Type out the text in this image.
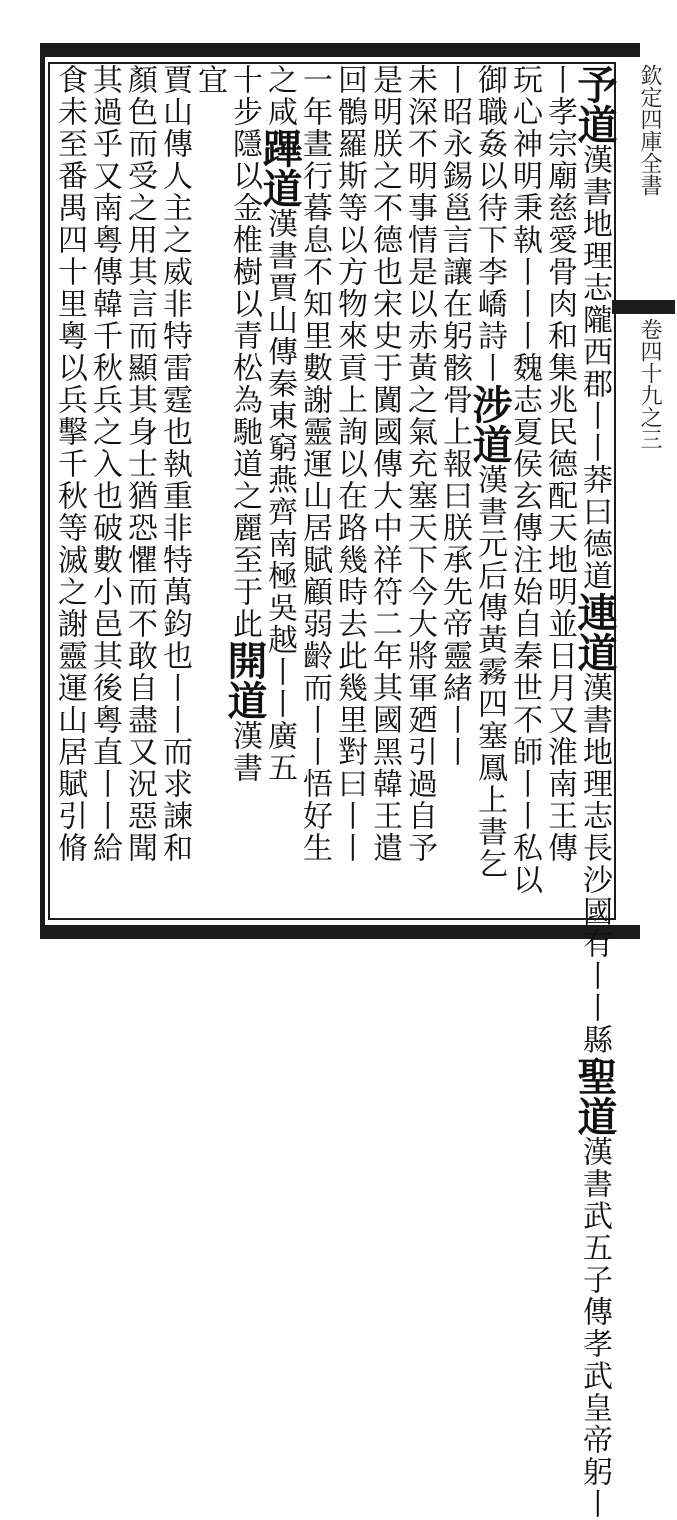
欽定四庫全書
卷四十九之三
予道漢書地理志隴西郡丨丨莽曰德道連道漢書地理志長沙國有丨丨縣聖道漢書武五子傳孝武皇帝躬丨
丨孝宗廟慈愛骨肉和集兆民德配天地明並日月又淮南王傳
玩心神明秉執丨丨丨魏志夏侯玄傳注始自秦世不師丨丨私以
御職姦以待下李嶠詩丨涉道漢書元后傳黃霧四塞鳳上書乞
丨昭永錫邕言讓在躬骸骨上報曰朕承先帝靈緒丨丨
未深不明事情是以赤黃之氣充塞天下今大將軍廼引過自予
是明朕之不德也宋史于闐國傳大中祥符二年其國黑韓王遣
回鶻羅斯等以方物來貢上詢以在路幾時去此幾里對曰丨丨
一年晝行暮息不知里數謝靈運山居賦顧弱齡而丨丨悟好生
之咸蹕道漢書賈山傳秦東窮燕齊南極吳越丨丨廣五
十步隱以金椎樹以青松為馳道之麗至于此開道漢書
宜
賈山傳人主之威非特雷霆也執重非特萬鈞也丨丨而求諫和
顏色而受之用其言而顯其身士猶恐懼而不敢自盡又況惡聞
其過乎又南粵傳韓千秋兵之入也破數小邑其後粵直丨丨給
食未至番禺四十里粵以兵擊千秋等滅之謝靈運山居賦引脩
